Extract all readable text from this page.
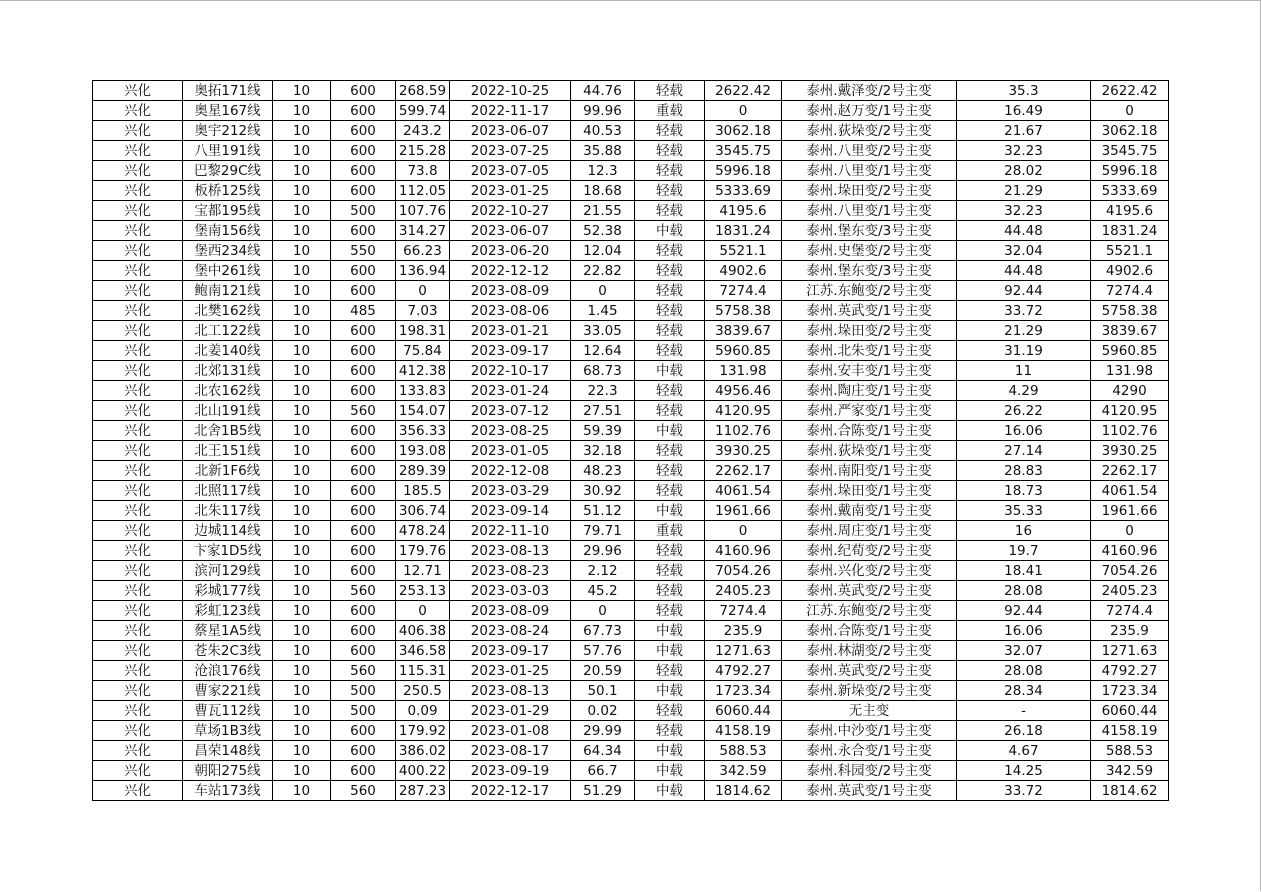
兴化	奥拓171线	10	600	268.59	2022-10-25	44.76	轻载	2622.42	泰州.戴泽变/2号主变	35.3	2622.42
兴化	奥星167线	10	600	599.74	2022-11-17	99.96	重载	0	泰州.赵万变/1号主变	16.49	0
兴化	奥宇212线	10	600	243.2	2023-06-07	40.53	轻载	3062.18	泰州.荻垛变/2号主变	21.67	3062.18
兴化	八里191线	10	600	215.28	2023-07-25	35.88	轻载	3545.75	泰州.八里变/2号主变	32.23	3545.75
兴化	巴黎29C线	10	600	73.8	2023-07-05	12.3	轻载	5996.18	泰州.八里变/1号主变	28.02	5996.18
兴化	板桥125线	10	600	112.05	2023-01-25	18.68	轻载	5333.69	泰州.垛田变/2号主变	21.29	5333.69
兴化	宝都195线	10	500	107.76	2022-10-27	21.55	轻载	4195.6	泰州.八里变/1号主变	32.23	4195.6
兴化	堡南156线	10	600	314.27	2023-06-07	52.38	中载	1831.24	泰州.堡东变/3号主变	44.48	1831.24
兴化	堡西234线	10	550	66.23	2023-06-20	12.04	轻载	5521.1	泰州.史堡变/2号主变	32.04	5521.1
兴化	堡中261线	10	600	136.94	2022-12-12	22.82	轻载	4902.6	泰州.堡东变/3号主变	44.48	4902.6
兴化	鲍南121线	10	600	0	2023-08-09	0	轻载	7274.4	江苏.东鲍变/2号主变	92.44	7274.4
兴化	北樊162线	10	485	7.03	2023-08-06	1.45	轻载	5758.38	泰州.英武变/1号主变	33.72	5758.38
兴化	北工122线	10	600	198.31	2023-01-21	33.05	轻载	3839.67	泰州.垛田变/2号主变	21.29	3839.67
兴化	北姜140线	10	600	75.84	2023-09-17	12.64	轻载	5960.85	泰州.北朱变/1号主变	31.19	5960.85
兴化	北郊131线	10	600	412.38	2022-10-17	68.73	中载	131.98	泰州.安丰变/1号主变	11	131.98
兴化	北农162线	10	600	133.83	2023-01-24	22.3	轻载	4956.46	泰州.陶庄变/1号主变	4.29	4290
兴化	北山191线	10	560	154.07	2023-07-12	27.51	轻载	4120.95	泰州.严家变/1号主变	26.22	4120.95
兴化	北舍1B5线	10	600	356.33	2023-08-25	59.39	中载	1102.76	泰州.合陈变/1号主变	16.06	1102.76
兴化	北王151线	10	600	193.08	2023-01-05	32.18	轻载	3930.25	泰州.荻垛变/1号主变	27.14	3930.25
兴化	北新1F6线	10	600	289.39	2022-12-08	48.23	轻载	2262.17	泰州.南阳变/1号主变	28.83	2262.17
兴化	北照117线	10	600	185.5	2023-03-29	30.92	轻载	4061.54	泰州.垛田变/1号主变	18.73	4061.54
兴化	北朱117线	10	600	306.74	2023-09-14	51.12	中载	1961.66	泰州.戴南变/1号主变	35.33	1961.66
兴化	边城114线	10	600	478.24	2022-11-10	79.71	重载	0	泰州.周庄变/1号主变	16	0
兴化	卞家1D5线	10	600	179.76	2023-08-13	29.96	轻载	4160.96	泰州.纪荀变/2号主变	19.7	4160.96
兴化	滨河129线	10	600	12.71	2023-08-23	2.12	轻载	7054.26	泰州.兴化变/2号主变	18.41	7054.26
兴化	彩城177线	10	560	253.13	2023-03-03	45.2	轻载	2405.23	泰州.英武变/2号主变	28.08	2405.23
兴化	彩虹123线	10	600	0	2023-08-09	0	轻载	7274.4	江苏.东鲍变/2号主变	92.44	7274.4
兴化	蔡星1A5线	10	600	406.38	2023-08-24	67.73	中载	235.9	泰州.合陈变/1号主变	16.06	235.9
兴化	苍朱2C3线	10	600	346.58	2023-09-17	57.76	中载	1271.63	泰州.林湖变/2号主变	32.07	1271.63
兴化	沧浪176线	10	560	115.31	2023-01-25	20.59	轻载	4792.27	泰州.英武变/2号主变	28.08	4792.27
兴化	曹家221线	10	500	250.5	2023-08-13	50.1	中载	1723.34	泰州.新垛变/2号主变	28.34	1723.34
兴化	曹瓦112线	10	500	0.09	2023-01-29	0.02	轻载	6060.44	无主变	-	6060.44
兴化	草场1B3线	10	600	179.92	2023-01-08	29.99	轻载	4158.19	泰州.中沙变/1号主变	26.18	4158.19
兴化	昌荣148线	10	600	386.02	2023-08-17	64.34	中载	588.53	泰州.永合变/1号主变	4.67	588.53
兴化	朝阳275线	10	600	400.22	2023-09-19	66.7	中载	342.59	泰州.科园变/2号主变	14.25	342.59
兴化	车站173线	10	560	287.23	2022-12-17	51.29	中载	1814.62	泰州.英武变/1号主变	33.72	1814.62
